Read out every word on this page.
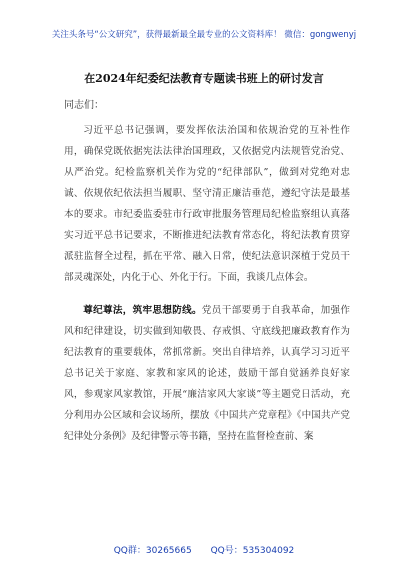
关注头条号“公文研究”，获得最新最全最专业的公文资料库！ 微信：gongwenyj
在2024年纪委纪法教育专题读书班上的研讨发言
同志们：

习近平总书记强调，要发挥依法治国和依规治党的互补性作用，确保党既依据宪法法律治国理政，又依据党内法规管党治党、从严治党。纪检监察机关作为党的“纪律部队”，做到对党绝对忠诚、依规依纪依法担当履职、坚守清正廉洁垂范，遵纪守法是最基本的要求。市纪委监委驻市行政审批服务管理局纪检监察组认真落实习近平总书记要求，不断推进纪法教育常态化，将纪法教育贯穿派驻监督全过程，抓在平常、融入日常，使纪法意识深植于党员干部灵魂深处，内化于心、外化于行。下面，我谈几点体会。

尊纪尊法，筑牢思想防线。党员干部要勇于自我革命，加强作风和纪律建设，切实做到知敬畏、存戒惧、守底线把廉政教育作为纪法教育的重要载体，常抓常新。突出自律培养，认真学习习近平总书记关于家庭、家教和家风的论述，鼓励干部自觉涵养良好家风，参观家风家教馆，开展“廉洁家风大家谈”等主题党日活动，充分利用办公区域和会议场所，摆放《中国共产党章程》《中国共产党纪律处分条例》及纪律警示等书籍，坚持在监督检查前、案

QQ群：30265665 QQ号：535304092
